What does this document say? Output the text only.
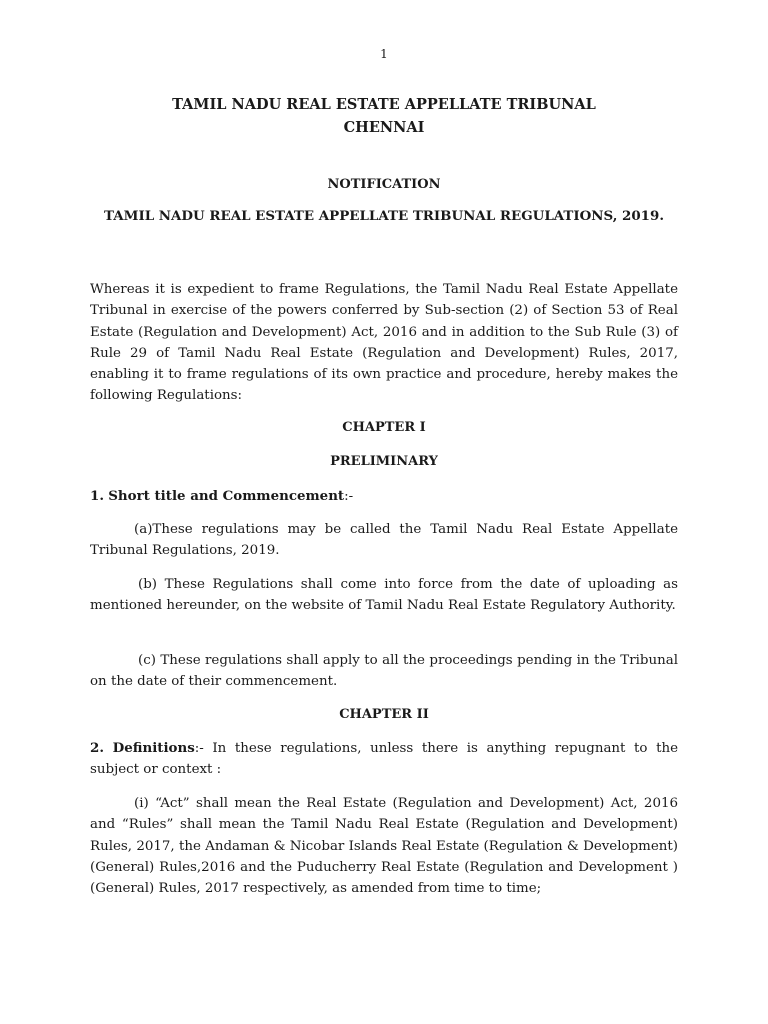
1
TAMIL NADU REAL ESTATE APPELLATE TRIBUNAL
CHENNAI
NOTIFICATION
TAMIL NADU REAL ESTATE APPELLATE TRIBUNAL REGULATIONS, 2019.
Whereas it is expedient to frame Regulations, the Tamil Nadu Real Estate Appellate Tribunal in exercise of the powers conferred by Sub-section (2) of Section 53 of Real Estate (Regulation and Development) Act, 2016 and in addition to the Sub Rule (3) of Rule 29 of Tamil Nadu Real Estate (Regulation and Development) Rules, 2017, enabling it to frame regulations of its own practice and procedure, hereby makes the following Regulations:
CHAPTER I
PRELIMINARY
1. Short title and Commencement:-
(a)These regulations may be called the Tamil Nadu Real Estate Appellate Tribunal Regulations, 2019.
(b) These Regulations shall come into force from the date of uploading as mentioned hereunder, on the website of Tamil Nadu Real Estate Regulatory Authority.
(c) These regulations shall apply to all the proceedings pending in the Tribunal on the date of their commencement.
CHAPTER II
2. Definitions:- In these regulations, unless there is anything repugnant to the subject or context :
(i) “Act” shall mean the Real Estate (Regulation and Development) Act, 2016 and “Rules” shall mean the Tamil Nadu Real Estate (Regulation and Development) Rules, 2017, the Andaman & Nicobar Islands Real Estate (Regulation & Development) (General) Rules,2016 and the Puducherry Real Estate (Regulation and Development ) (General) Rules, 2017 respectively, as amended from time to time;
